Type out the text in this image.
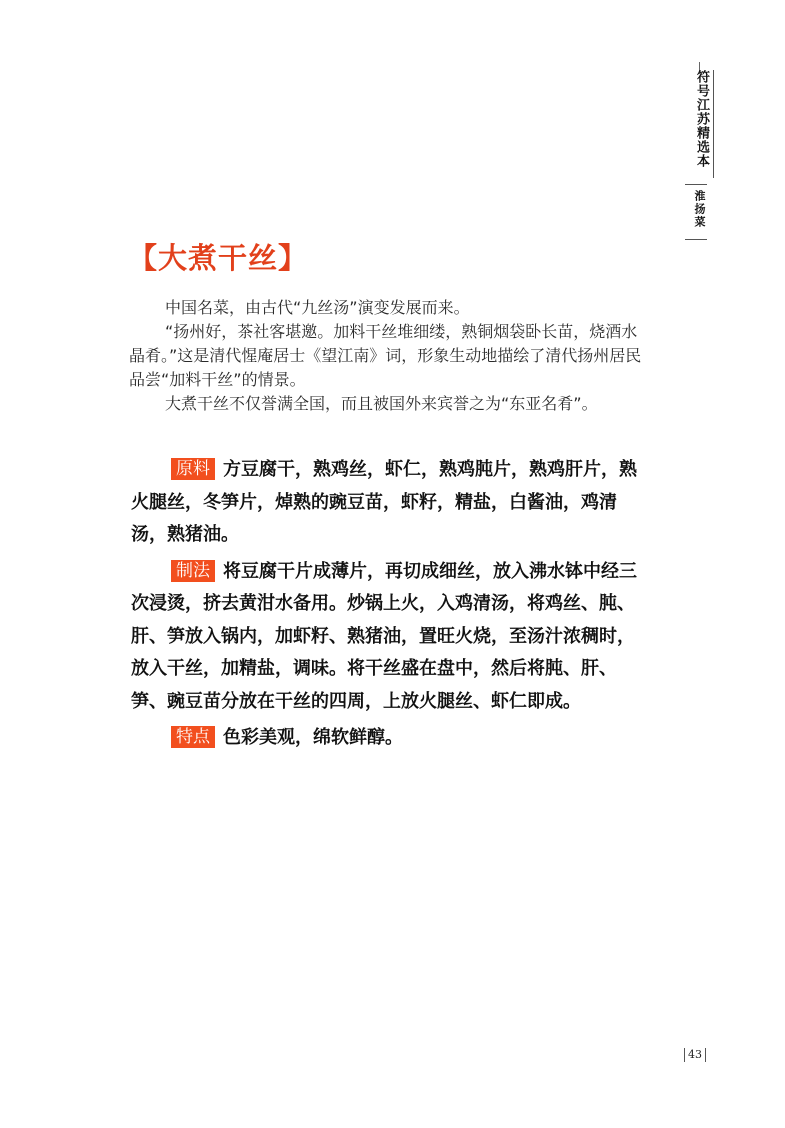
符号江苏精选本
淮扬菜
【大煮干丝】

中国名菜，由古代“九丝汤”演变发展而来。

“扬州好，茶社客堪邀。加料干丝堆细缕，熟铜烟袋卧长苗，烧酒水晶肴。”这是清代惺庵居士《望江南》词，形象生动地描绘了清代扬州居民品尝“加料干丝”的情景。

大煮干丝不仅誉满全国，而且被国外来宾誉之为“东亚名肴”。

原料 方豆腐干，熟鸡丝，虾仁，熟鸡肫片，熟鸡肝片，熟火腿丝，冬笋片，焯熟的豌豆苗，虾籽，精盐，白酱油，鸡清汤，熟猪油。

制法 将豆腐干片成薄片，再切成细丝，放入沸水钵中经三次浸烫，挤去黄泔水备用。炒锅上火，入鸡清汤，将鸡丝、肫、肝、笋放入锅内，加虾籽、熟猪油，置旺火烧，至汤汁浓稠时，放入干丝，加精盐，调味。将干丝盛在盘中，然后将肫、肝、笋、豌豆苗分放在干丝的四周，上放火腿丝、虾仁即成。

特点 色彩美观，绵软鲜醇。

43
